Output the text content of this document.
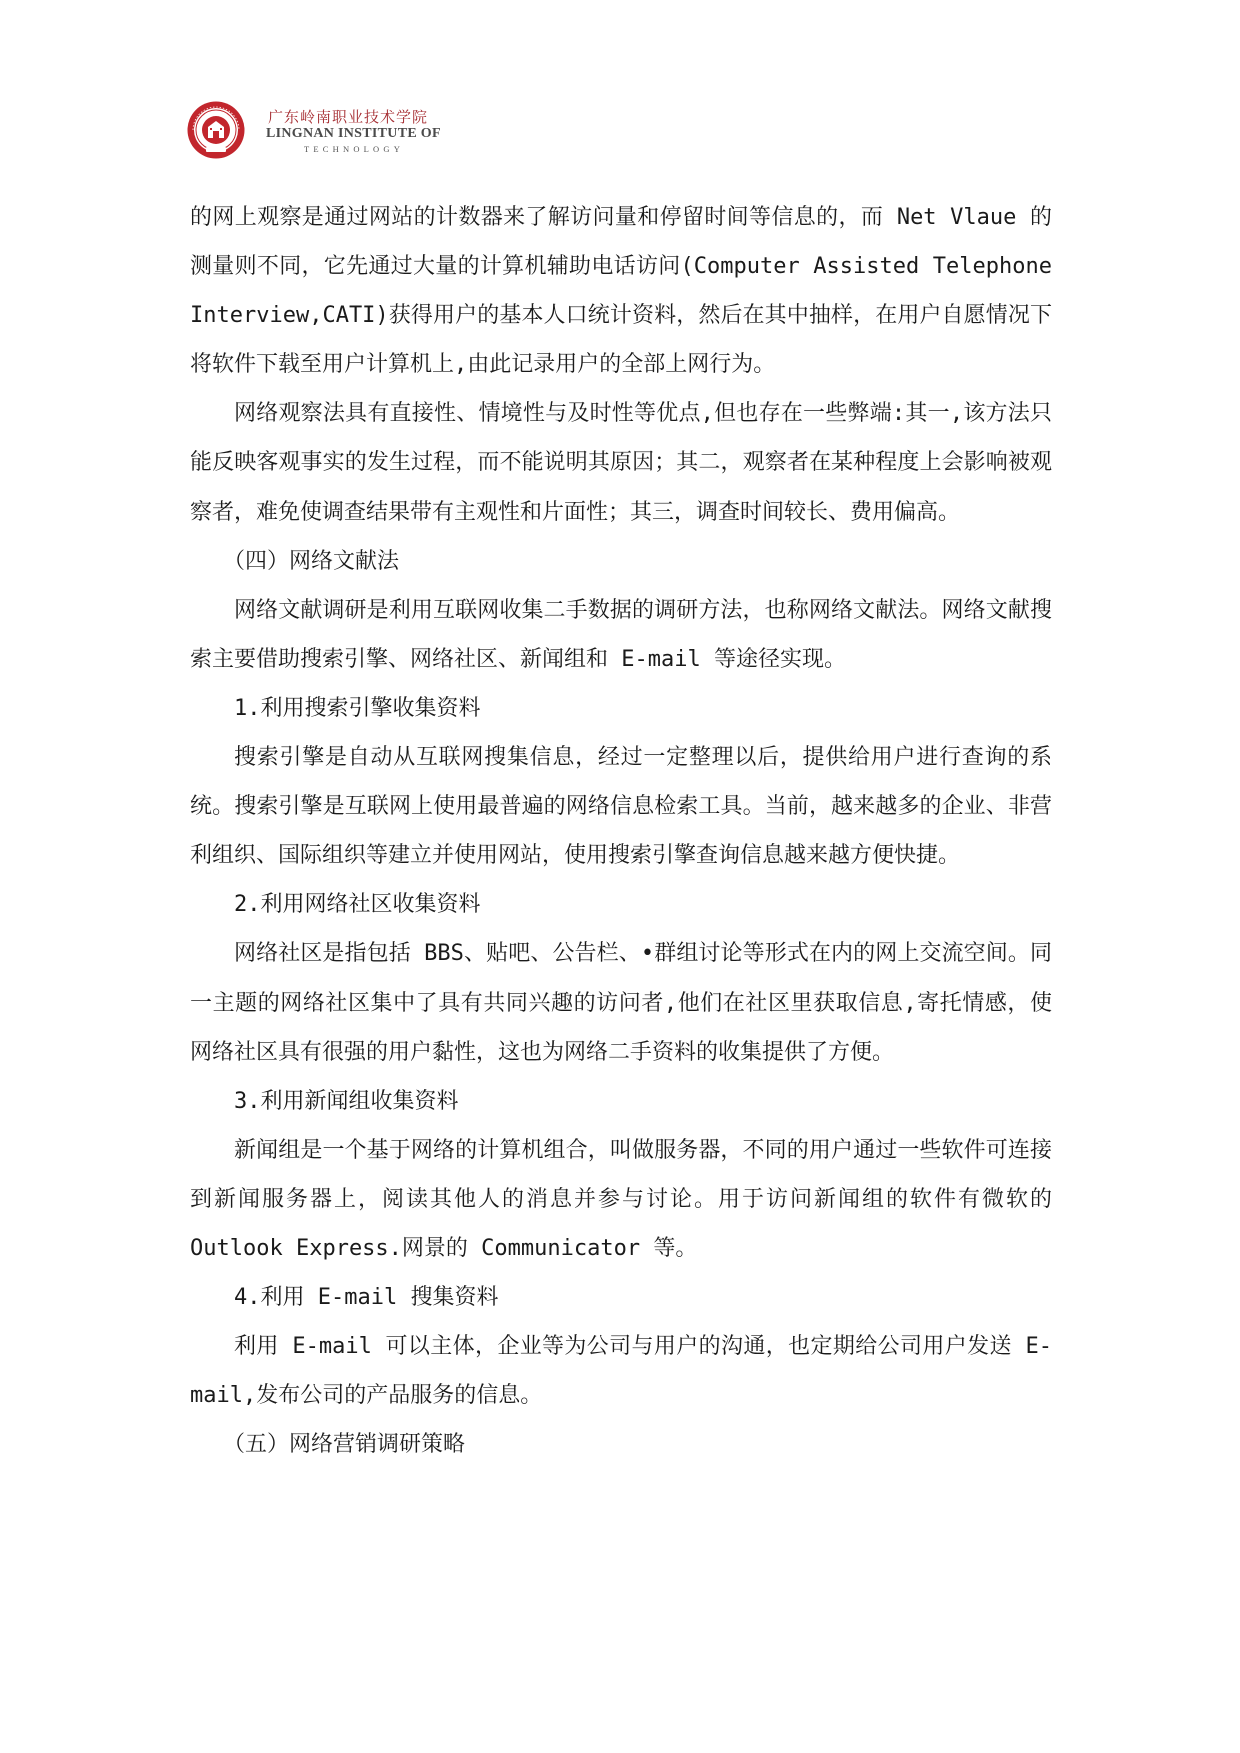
广东岭南职业技术学院
LINGNAN INSTITUTE OF
TECHNOLOGY

的网上观察是通过网站的计数器来了解访问量和停留时间等信息的，而 Net Vlaue 的测量则不同，它先通过大量的计算机辅助电话访问(Computer Assisted Telephone Interview,CATI)获得用户的基本人口统计资料，然后在其中抽样，在用户自愿情况下将软件下载至用户计算机上,由此记录用户的全部上网行为。

网络观察法具有直接性、情境性与及时性等优点,但也存在一些弊端:其一,该方法只能反映客观事实的发生过程，而不能说明其原因；其二，观察者在某种程度上会影响被观察者，难免使调查结果带有主观性和片面性；其三，调查时间较长、费用偏高。

（四）网络文献法

网络文献调研是利用互联网收集二手数据的调研方法，也称网络文献法。网络文献搜索主要借助搜索引擎、网络社区、新闻组和 E-mail 等途径实现。

1.利用搜索引擎收集资料

搜索引擎是自动从互联网搜集信息，经过一定整理以后，提供给用户进行查询的系统。搜索引擎是互联网上使用最普遍的网络信息检索工具。当前，越来越多的企业、非营利组织、国际组织等建立并使用网站，使用搜索引擎查询信息越来越方便快捷。

2.利用网络社区收集资料

网络社区是指包括 BBS、贴吧、公告栏、•群组讨论等形式在内的网上交流空间。同一主题的网络社区集中了具有共同兴趣的访问者,他们在社区里获取信息,寄托情感，使网络社区具有很强的用户黏性，这也为网络二手资料的收集提供了方便。

3.利用新闻组收集资料

新闻组是一个基于网络的计算机组合，叫做服务器，不同的用户通过一些软件可连接到新闻服务器上，阅读其他人的消息并参与讨论。用于访问新闻组的软件有微软的 Outlook Express.网景的 Communicator 等。

4.利用 E-mail 搜集资料

利用 E-mail 可以主体，企业等为公司与用户的沟通，也定期给公司用户发送 E-mail,发布公司的产品服务的信息。

（五）网络营销调研策略
